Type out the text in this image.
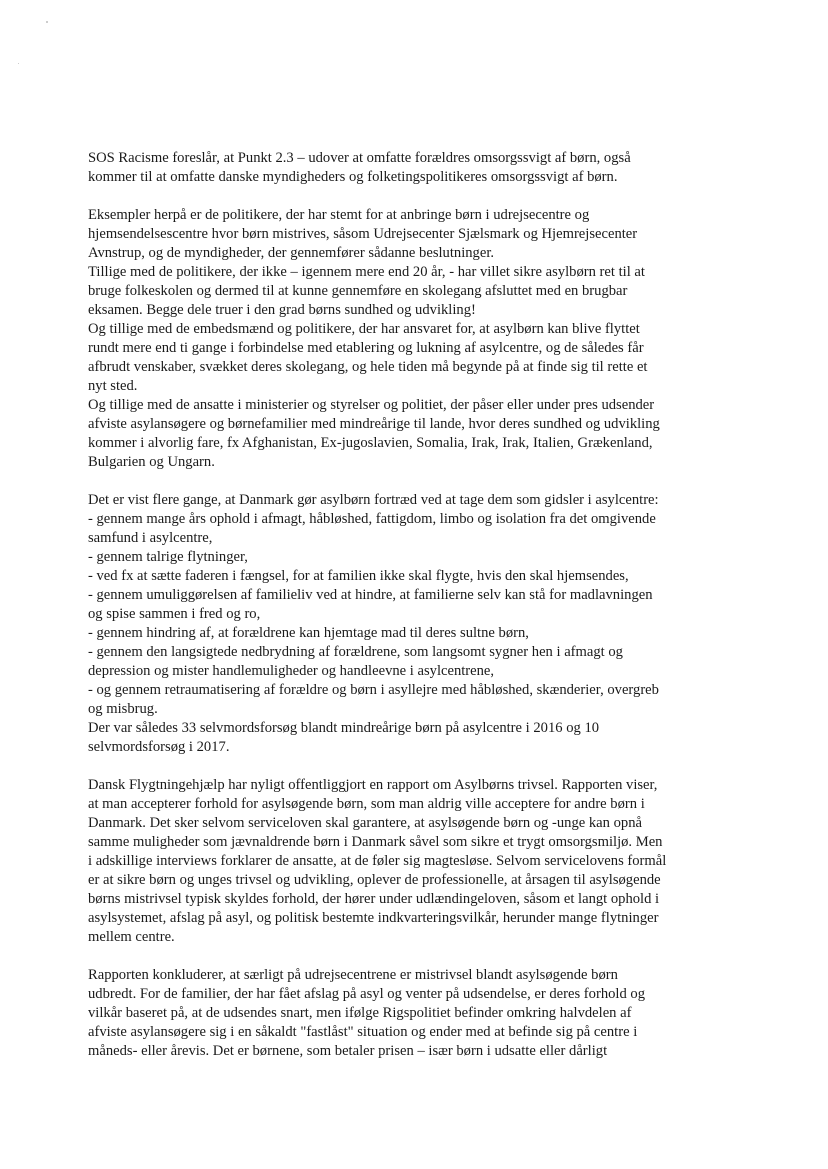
SOS Racisme foreslår, at Punkt 2.3 – udover at omfatte forældres omsorgssvigt af børn, også
kommer til at omfatte danske myndigheders og folketingspolitikeres omsorgssvigt af børn.

Eksempler herpå er de politikere, der har stemt for at anbringe børn i udrejsecentre og
hjemsendelsescentre hvor børn mistrives, såsom Udrejsecenter Sjælsmark og Hjemrejsecenter
Avnstrup, og de myndigheder, der gennemfører sådanne beslutninger.
Tillige med de politikere, der ikke – igennem mere end 20 år, - har villet sikre asylbørn ret til at
bruge folkeskolen og dermed til at kunne gennemføre en skolegang afsluttet med en brugbar
eksamen. Begge dele truer i den grad børns sundhed og udvikling!
Og tillige med de embedsmænd og politikere, der har ansvaret for, at asylbørn kan blive flyttet
rundt mere end ti gange i forbindelse med etablering og lukning af asylcentre, og de således får
afbrudt venskaber, svækket deres skolegang, og hele tiden må begynde på at finde sig til rette et
nyt sted.
Og tillige med de ansatte i ministerier og styrelser og politiet, der påser eller under pres udsender
afviste asylansøgere og børnefamilier med mindreårige til lande, hvor deres sundhed og udvikling
kommer i alvorlig fare, fx Afghanistan, Ex-jugoslavien, Somalia, Irak, Irak, Italien, Grækenland,
Bulgarien og Ungarn.

Det er vist flere gange, at Danmark gør asylbørn fortræd ved at tage dem som gidsler i asylcentre:
- gennem mange års ophold i afmagt, håbløshed, fattigdom, limbo og isolation fra det omgivende
samfund i asylcentre,
- gennem talrige flytninger,
- ved fx at sætte faderen i fængsel, for at familien ikke skal flygte, hvis den skal hjemsendes,
- gennem umuliggørelsen af familieliv ved at hindre, at familierne selv kan stå for madlavningen
og spise sammen i fred og ro,
- gennem hindring af, at forældrene kan hjemtage mad til deres sultne børn,
- gennem den langsigtede nedbrydning af forældrene, som langsomt sygner hen i afmagt og
depression og mister handlemuligheder og handleevne i asylcentrene,
- og gennem retraumatisering af forældre og børn i asyllejre med håbløshed, skænderier, overgreb
og misbrug.
Der var således 33 selvmordsforsøg blandt mindreårige børn på asylcentre i 2016 og 10
selvmordsforsøg i 2017.

Dansk Flygtningehjælp har nyligt offentliggjort en rapport om Asylbørns trivsel. Rapporten viser,
at man accepterer forhold for asylsøgende børn, som man aldrig ville acceptere for andre børn i
Danmark. Det sker selvom serviceloven skal garantere, at asylsøgende børn og -unge kan opnå
samme muligheder som jævnaldrende børn i Danmark såvel som sikre et trygt omsorgsmiljø. Men
i adskillige interviews forklarer de ansatte, at de føler sig magtesløse. Selvom servicelovens formål
er at sikre børn og unges trivsel og udvikling, oplever de professionelle, at årsagen til asylsøgende
børns mistrivsel typisk skyldes forhold, der hører under udlændingeloven, såsom et langt ophold i
asylsystemet, afslag på asyl, og politisk bestemte indkvarteringsvilkår, herunder mange flytninger
mellem centre.

Rapporten konkluderer, at særligt på udrejsecentrene er mistrivsel blandt asylsøgende børn
udbredt. For de familier, der har fået afslag på asyl og venter på udsendelse, er deres forhold og
vilkår baseret på, at de udsendes snart, men ifølge Rigspolitiet befinder omkring halvdelen af
afviste asylansøgere sig i en såkaldt "fastlåst" situation og ender med at befinde sig på centre i
måneds- eller årevis. Det er børnene, som betaler prisen – især børn i udsatte eller dårligt
